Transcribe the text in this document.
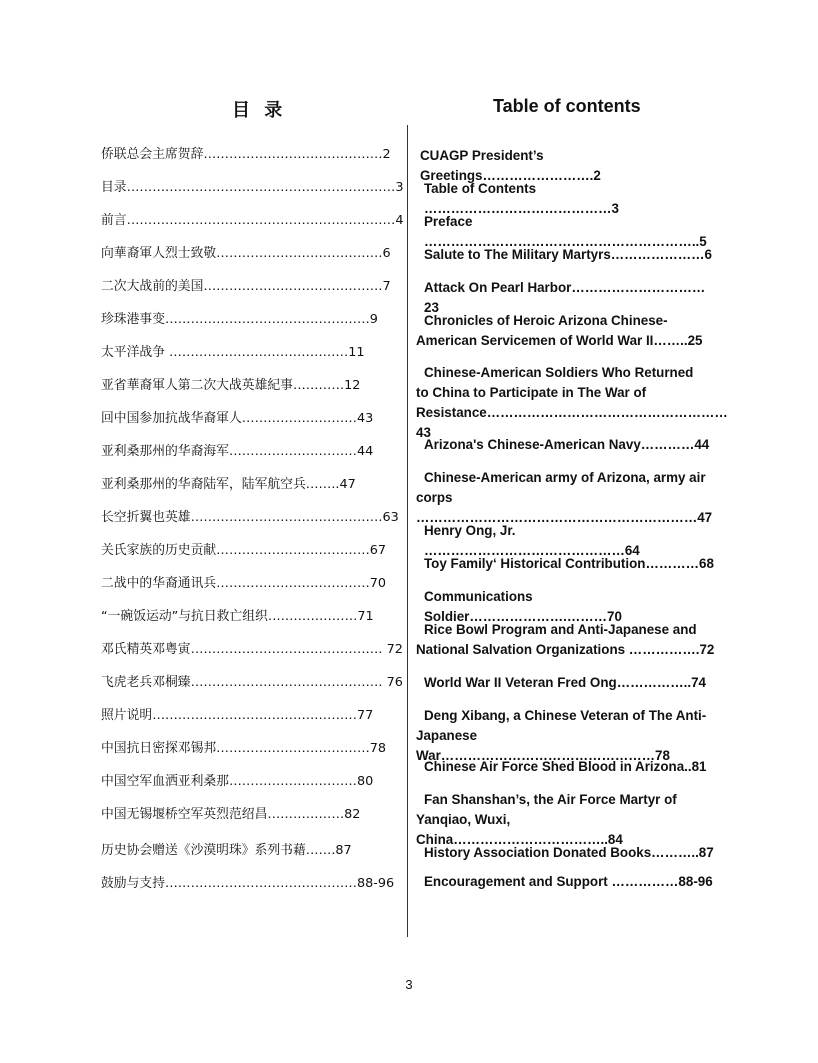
目 录	Table of contents
侨联总会主席贺辞……………………………………2
目录………………………………………………………3
前言………………………………………………………4
向華裔軍人烈士致敬…………………………………6
二次大战前的美国……………………………………7
珍珠港事变…………………………………………9
太平洋战争 ……………………………………11
亚省華裔軍人第二次大战英雄紀事…………12
回中国参加抗战华裔軍人………………………43
亚利桑那州的华裔海军…………………………44
亚利桑那州的华裔陆军，陆军航空兵……..47
长空折翼也英雄………………………………………63
关氏家族的历史贡献………………………………67
二战中的华裔通讯兵………………………………70
“一碗饭运动”与抗日救亡组织…………………71
邓氏精英邓粤寅……………………………………… 72
飞虎老兵邓桐臻……………………………………… 76
照片说明…………………………………………77
中国抗日密探邓锡邦………………………………78
中国空军血洒亚利桑那…………………………80
中国无锡堰桥空军英烈范绍昌………………82
历史协会赠送《沙漠明珠》系列书藉…….87
鼓励与支持………………………………………88-96
CUAGP President’s Greetings…………………….2
Table of Contents ……………………………………3
Preface ……………………………………………………..5
Salute to The Military Martyrs…………………6
Attack On Pearl Harbor…………………………23
Chronicles of Heroic Arizona Chinese-
American Servicemen of World War II……..25
Chinese-American Soldiers Who Returned
to China to Participate in The War of
Resistance………………………………………………43
Arizona's Chinese-American Navy…………44
Chinese-American army of Arizona, army air
corps ………………………………………………………47
Henry Ong, Jr. ………………………………………64
Toy Family‘ Historical Contribution…………68
Communications Soldier………………….………70
Rice Bowl Program and Anti-Japanese and
National Salvation Organizations …………….72
World War II Veteran Fred Ong……………..74
Deng Xibang, a Chinese Veteran of The Anti-
Japanese War…………………………………………78
Chinese Air Force Shed Blood in Arizona..81
Fan Shanshan’s, the Air Force Martyr of
Yanqiao, Wuxi, China……………………………..84
History Association Donated Books………..87
Encouragement and Support ……………88-96
3
